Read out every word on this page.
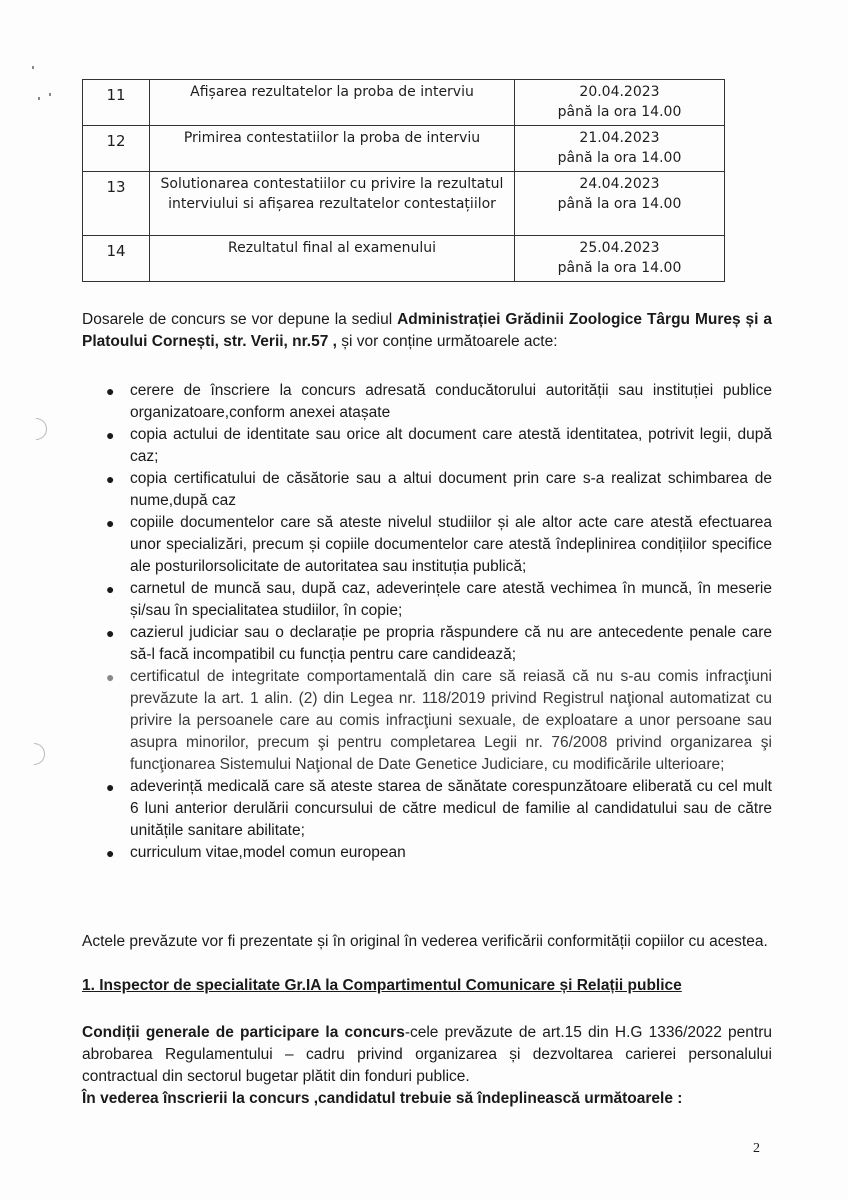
11	Afișarea rezultatelor la proba de interviu	20.04.2023
până la ora 14.00

12	Primirea contestatiilor la proba de interviu	21.04.2023
până la ora 14.00

13	Solutionarea contestatiilor cu privire la rezultatul interviului si afișarea rezultatelor contestațiilor	24.04.2023
până la ora 14.00

14	Rezultatul final al examenului	25.04.2023
până la ora 14.00

Dosarele de concurs se vor depune la sediul Administrației Grădinii Zoologice Târgu Mureș și a Platoului Cornești, str. Verii, nr.57 , și vor conține următoarele acte:

● cerere de înscriere la concurs adresată conducătorului autorității sau instituției publice organizatoare,conform anexei atașate
● copia actului de identitate sau orice alt document care atestă identitatea, potrivit legii, după caz;
● copia certificatului de căsătorie sau a altui document prin care s-a realizat schimbarea de nume,după caz
● copiile documentelor care să ateste nivelul studiilor și ale altor acte care atestă efectuarea unor specializări, precum și copiile documentelor care atestă îndeplinirea condițiilor specifice ale posturilorsolicitate de autoritatea sau instituția publică;
● carnetul de muncă sau, după caz, adeverințele care atestă vechimea în muncă, în meserie și/sau în specialitatea studiilor, în copie;
● cazierul judiciar sau o declarație pe propria răspundere că nu are antecedente penale care să-l facă incompatibil cu funcția pentru care candidează;
● certificatul de integritate comportamentală din care să reiasă că nu s-au comis infracţiuni prevăzute la art. 1 alin. (2) din Legea nr. 118/2019 privind Registrul naţional automatizat cu privire la persoanele care au comis infracţiuni sexuale, de exploatare a unor persoane sau asupra minorilor, precum şi pentru completarea Legii nr. 76/2008 privind organizarea şi funcţionarea Sistemului Naţional de Date Genetice Judiciare, cu modificările ulterioare;
● adeverință medicală care să ateste starea de sănătate corespunzătoare eliberată cu cel mult 6 luni anterior derulării concursului de către medicul de familie al candidatului sau de către unitățile sanitare abilitate;
● curriculum vitae,model comun european

Actele prevăzute vor fi prezentate și în original în vederea verificării conformității copiilor cu acestea.

1. Inspector de specialitate Gr.IA la Compartimentul Comunicare și Relații publice

Condiții generale de participare la concurs-cele prevăzute de art.15 din H.G 1336/2022 pentru abrobarea Regulamentului – cadru privind organizarea și dezvoltarea carierei personalului contractual din sectorul bugetar plătit din fonduri publice.

În vederea înscrierii la concurs ,candidatul trebuie să îndeplinească următoarele :

2
